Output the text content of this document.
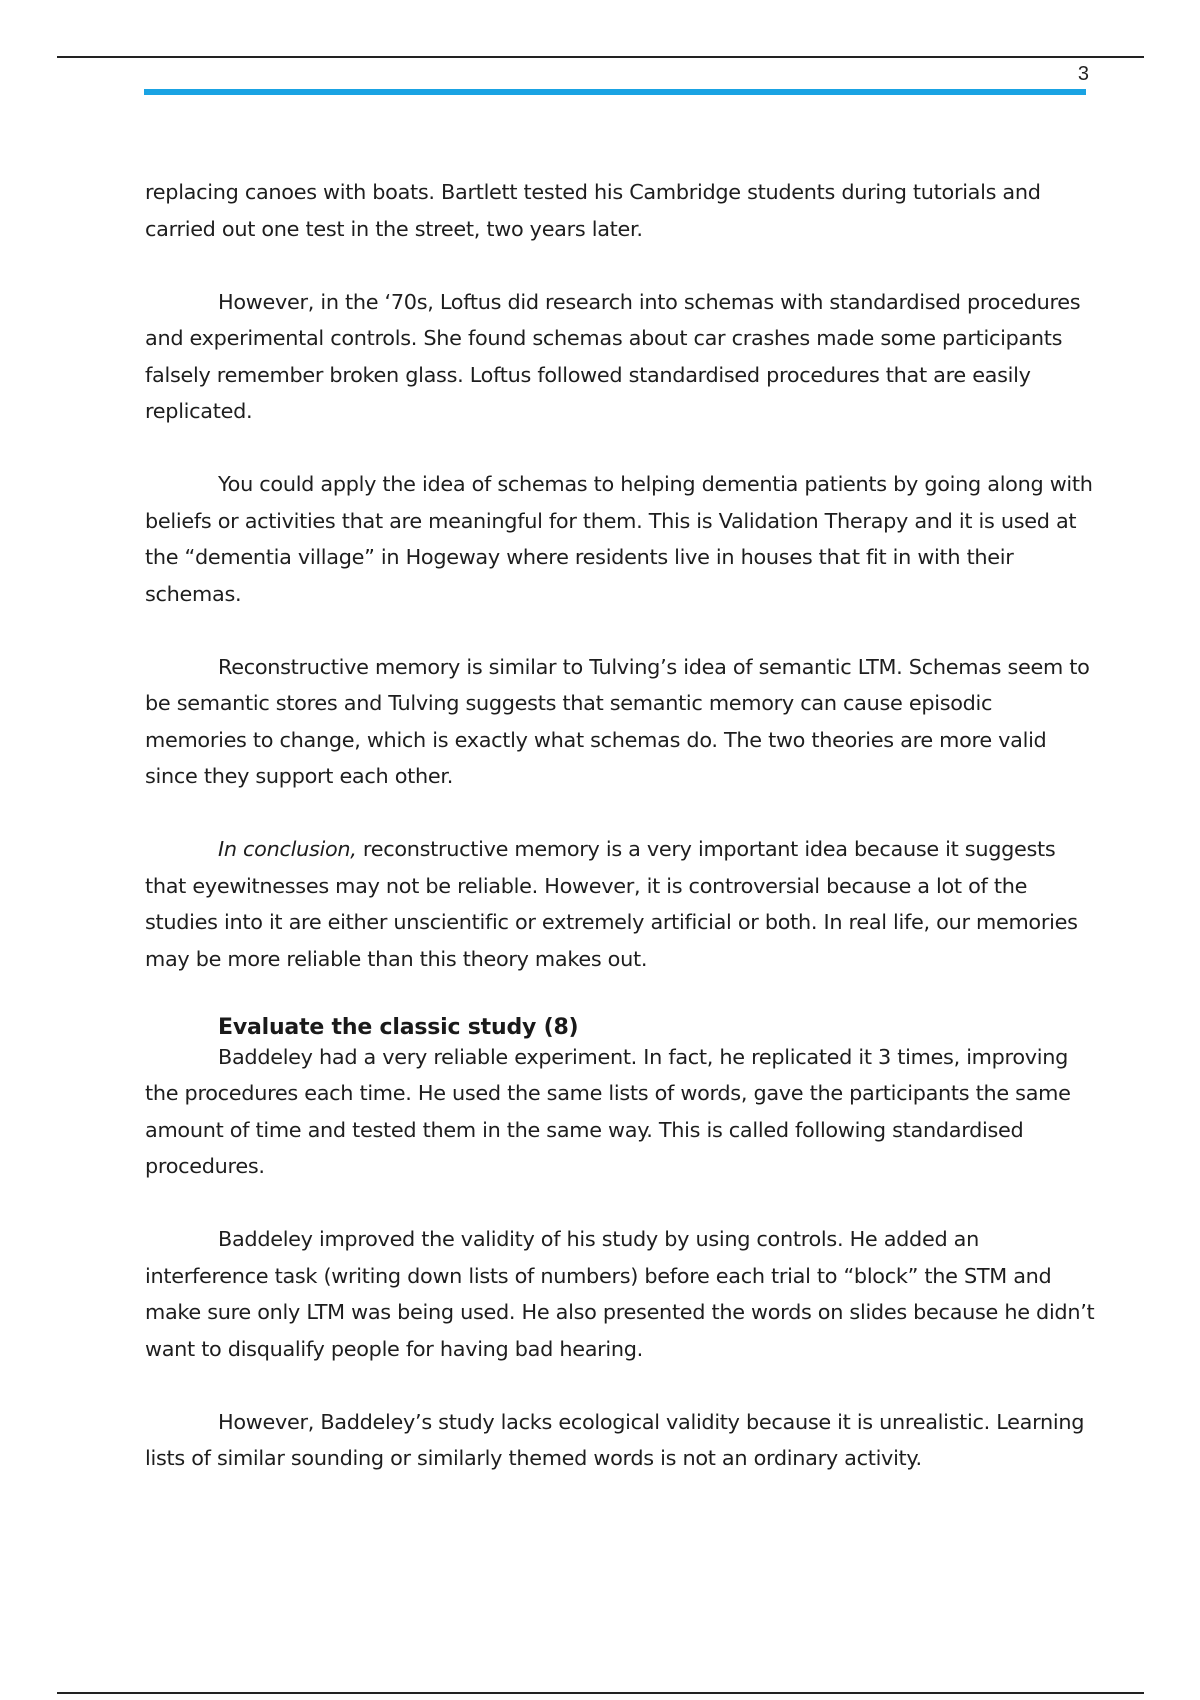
3

replacing canoes with boats. Bartlett tested his Cambridge students during tutorials and carried out one test in the street, two years later.

However, in the ‘70s, Loftus did research into schemas with standardised procedures and experimental controls. She found schemas about car crashes made some participants falsely remember broken glass. Loftus followed standardised procedures that are easily replicated.

You could apply the idea of schemas to helping dementia patients by going along with beliefs or activities that are meaningful for them. This is Validation Therapy and it is used at the “dementia village” in Hogeway where residents live in houses that fit in with their schemas.

Reconstructive memory is similar to Tulving’s idea of semantic LTM. Schemas seem to be semantic stores and Tulving suggests that semantic memory can cause episodic memories to change, which is exactly what schemas do. The two theories are more valid since they support each other.

In conclusion, reconstructive memory is a very important idea because it suggests that eyewitnesses may not be reliable. However, it is controversial because a lot of the studies into it are either unscientific or extremely artificial or both. In real life, our memories may be more reliable than this theory makes out.

Evaluate the classic study (8)

Baddeley had a very reliable experiment. In fact, he replicated it 3 times, improving the procedures each time. He used the same lists of words, gave the participants the same amount of time and tested them in the same way. This is called following standardised procedures.

Baddeley improved the validity of his study by using controls. He added an interference task (writing down lists of numbers) before each trial to “block” the STM and make sure only LTM was being used. He also presented the words on slides because he didn’t want to disqualify people for having bad hearing.

However, Baddeley’s study lacks ecological validity because it is unrealistic. Learning lists of similar sounding or similarly themed words is not an ordinary activity.
